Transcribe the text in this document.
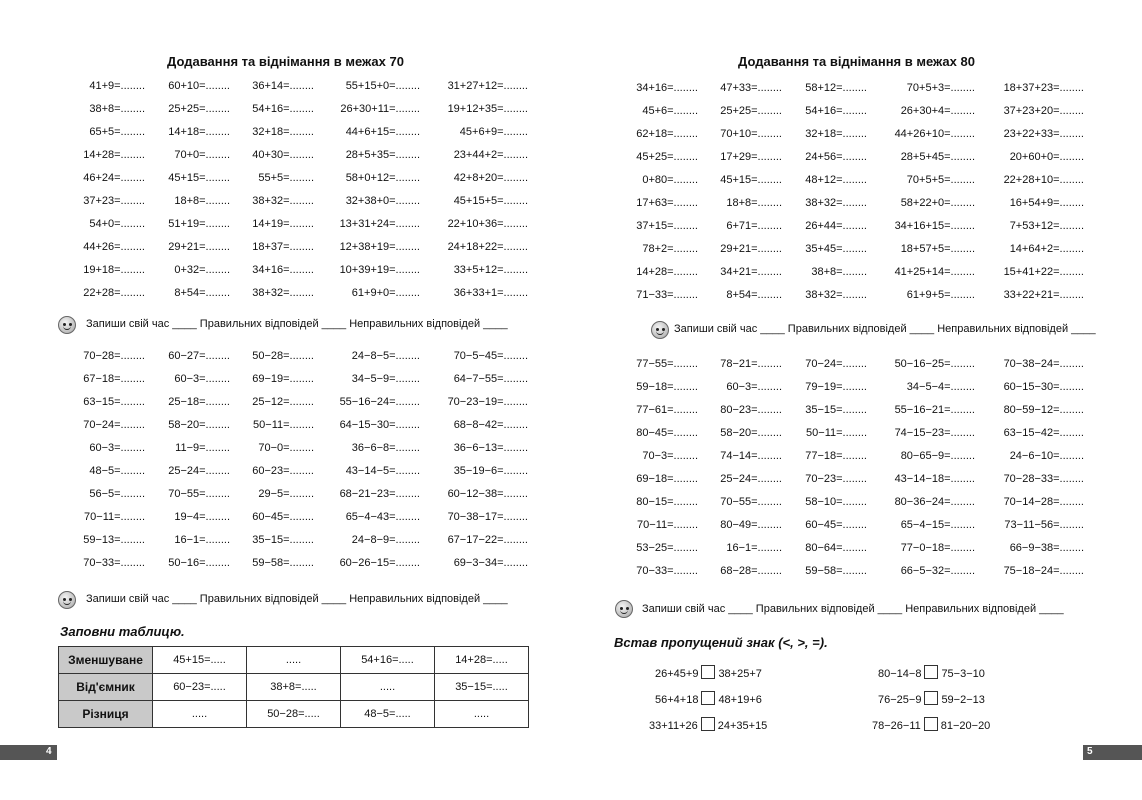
Додавання та віднімання в межах 70
41+9=........ 60+10=........ 36+14=........	55+15+0=........	31+27+12=........
38+8=........ 25+25=........ 54+16=........ 26+30+11=........	19+12+35=........
65+5=........ 14+18=........ 32+18=........	44+6+15=........	45+6+9=........
14+28=........	70+0=........ 40+30=........	28+5+35=........	23+44+2=........
46+24=........ 45+15=........	55+5=........	58+0+12=........	42+8+20=........
37+23=........	18+8=........ 38+32=........	32+38+0=........	45+15+5=........
54+0=........ 51+19=........ 14+19=........ 13+31+24=........	22+10+36=........
44+26=........ 29+21=........ 18+37=........ 12+38+19=........	24+18+22=........
19+18=........	0+32=........ 34+16=........ 10+39+19=........	33+5+12=........
22+28=........	8+54=........ 38+32=........	61+9+0=........	36+33+1=........
Запиши свій час ____ Правильних відповідей ____ Неправильних відповідей ____
70−28=........ 60−27=........ 50−28=........	24−8−5=........	70−5−45=........
67−18=........	60−3=........ 69−19=........	34−5−9=........	64−7−55=........
63−15=........ 25−18=........ 25−12=........ 55−16−24=........	70−23−19=........
70−24=........ 58−20=........ 50−11=........ 64−15−30=........	68−8−42=........
60−3=........	11−9=........	70−0=........	36−6−8=........	36−6−13=........
48−5=........ 25−24=........ 60−23=........	43−14−5=........	35−19−6=........
56−5=........ 70−55=........	29−5=........ 68−21−23=........	60−12−38=........
70−11=........	19−4=........ 60−45=........	65−4−43=........	70−38−17=........
59−13=........	16−1=........ 35−15=........	24−8−9=........	67−17−22=........
70−33=........ 50−16=........ 59−58=........ 60−26−15=........	69−3−34=........
Запиши свій час ____ Правильних відповідей ____ Неправильних відповідей ____
Заповни таблицю.
Зменшуване	45+15=.....	.....	54+16=.....	14+28=.....
Від'ємник	60−23=.....	38+8=.....	.....	35−15=.....
Різниця	.....	50−28=.....	48−5=.....	.....
4
Додавання та віднімання в межах 80
34+16=........ 47+33=........ 58+12=........	70+5+3=........	18+37+23=........
45+6=........ 25+25=........ 54+16=........	26+30+4=........	37+23+20=........
62+18=........ 70+10=........ 32+18=........	44+26+10=........	23+22+33=........
45+25=........ 17+29=........ 24+56=........	28+5+45=........	20+60+0=........
0+80=........ 45+15=........ 48+12=........	70+5+5=........	22+28+10=........
17+63=........	18+8=........ 38+32=........	58+22+0=........	16+54+9=........
37+15=........	6+71=........ 26+44=........	34+16+15=........	7+53+12=........
78+2=........ 29+21=........ 35+45=........	18+57+5=........	14+64+2=........
14+28=........ 34+21=........	38+8=........	41+25+14=........	15+41+22=........
71−33=........	8+54=........ 38+32=........	61+9+5=........	33+22+21=........
Запиши свій час ____ Правильних відповідей ____ Неправильних відповідей ____
77−55=........ 78−21=........ 70−24=........	50−16−25=........	70−38−24=........
59−18=........	60−3=........ 79−19=........	34−5−4=........	60−15−30=........
77−61=........ 80−23=........ 35−15=........	55−16−21=........	80−59−12=........
80−45=........ 58−20=........ 50−11=........	74−15−23=........	63−15−42=........
70−3=........ 74−14=........ 77−18=........	80−65−9=........	24−6−10=........
69−18=........ 25−24=........ 70−23=........	43−14−18=........	70−28−33=........
80−15=........ 70−55=........ 58−10=........	80−36−24=........	70−14−28=........
70−11=........ 80−49=........ 60−45=........	65−4−15=........	73−11−56=........
53−25=........	16−1=........ 80−64=........	77−0−18=........	66−9−38=........
70−33=........ 68−28=........ 59−58=........	66−5−32=........	75−18−24=........
Запиши свій час ____ Правильних відповідей ____ Неправильних відповідей ____
Встав пропущений знак (<, >, =).
26+45+9 38+25+7	80−14−8 75−3−10
56+4+18 48+19+6	76−25−9 59−2−13
33+11+26 24+35+15	78−26−11 81−20−20
5
